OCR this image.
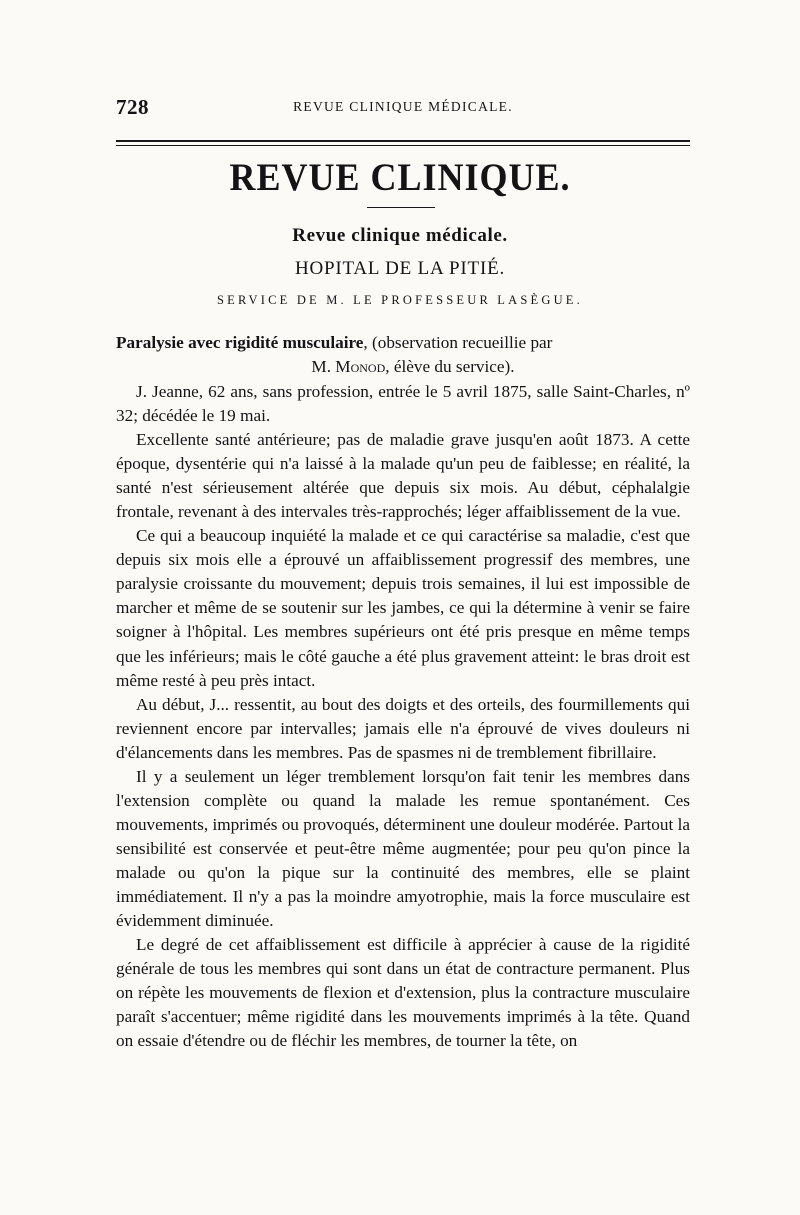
728	REVUE CLINIQUE MÉDICALE.
REVUE CLINIQUE.
Revue clinique médicale.
HOPITAL DE LA PITIÉ.
SERVICE DE M. LE PROFESSEUR LASÈGUE.
Paralysie avec rigidité musculaire, (observation recueillie par
M. Monod, élève du service).

J. Jeanne, 62 ans, sans profession, entrée le 5 avril 1875, salle Saint-Charles, nº 32; décédée le 19 mai.

Excellente santé antérieure; pas de maladie grave jusqu'en août 1873. A cette époque, dysentérie qui n'a laissé à la malade qu'un peu de faiblesse; en réalité, la santé n'est sérieusement altérée que depuis six mois. Au début, céphalalgie frontale, revenant à des intervales très-rapprochés; léger affaiblissement de la vue.

Ce qui a beaucoup inquiété la malade et ce qui caractérise sa maladie, c'est que depuis six mois elle a éprouvé un affaiblissement progressif des membres, une paralysie croissante du mouvement; depuis trois semaines, il lui est impossible de marcher et même de se soutenir sur les jambes, ce qui la détermine à venir se faire soigner à l'hôpital. Les membres supérieurs ont été pris presque en même temps que les inférieurs; mais le côté gauche a été plus gravement atteint: le bras droit est même resté à peu près intact.

Au début, J... ressentit, au bout des doigts et des orteils, des fourmillements qui reviennent encore par intervalles; jamais elle n'a éprouvé de vives douleurs ni d'élancements dans les membres. Pas de spasmes ni de tremblement fibrillaire.

Il y a seulement un léger tremblement lorsqu'on fait tenir les membres dans l'extension complète ou quand la malade les remue spontanément. Ces mouvements, imprimés ou provoqués, déterminent une douleur modérée. Partout la sensibilité est conservée et peut-être même augmentée; pour peu qu'on pince la malade ou qu'on la pique sur la continuité des membres, elle se plaint immédiatement. Il n'y a pas la moindre amyotrophie, mais la force musculaire est évidemment diminuée.

Le degré de cet affaiblissement est difficile à apprécier à cause de la rigidité générale de tous les membres qui sont dans un état de contracture permanent. Plus on répète les mouvements de flexion et d'extension, plus la contracture musculaire paraît s'accentuer; même rigidité dans les mouvements imprimés à la tête. Quand on essaie d'étendre ou de fléchir les membres, de tourner la tête, on
